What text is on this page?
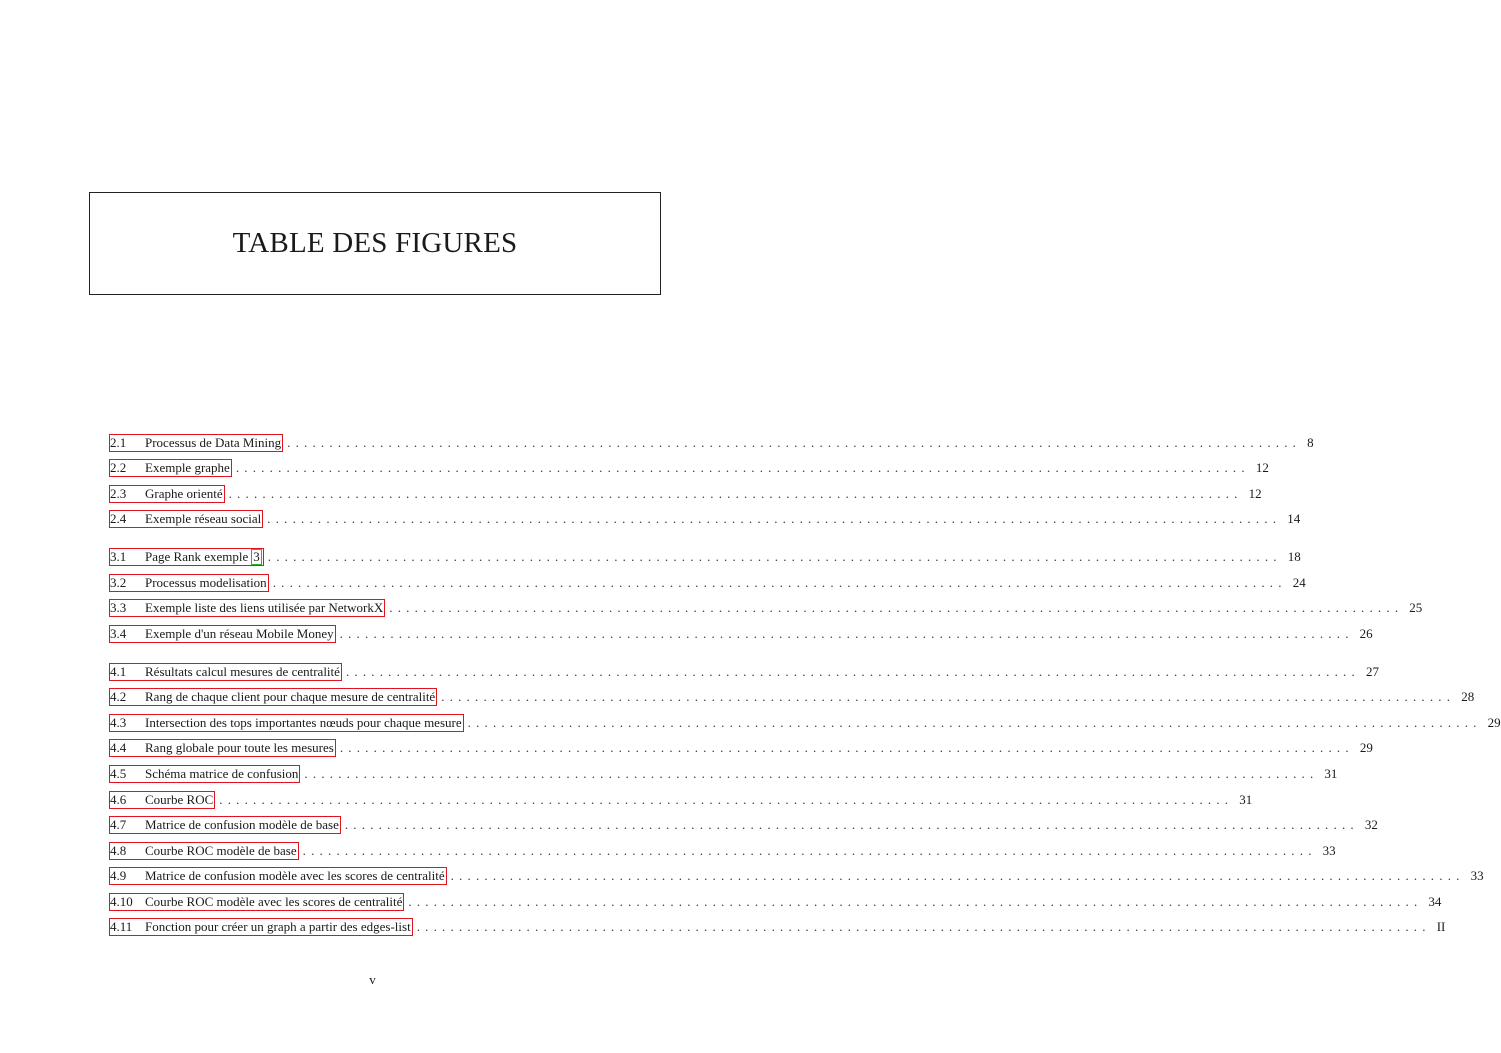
TABLE DES FIGURES
2.1	Processus de Data Mining ........................................................................................................................ 8
2.2	Exemple graphe ........................................................................................................................ 12
2.3	Graphe orienté ........................................................................................................................ 12
2.4	Exemple réseau social ........................................................................................................................ 14
3.1	Page Rank exemple 3 ........................................................................................................................ 18
3.2	Processus modelisation ........................................................................................................................ 24
3.3	Exemple liste des liens utilisée par NetworkX ........................................................................................................................ 25
3.4	Exemple d'un réseau Mobile Money ........................................................................................................................ 26
4.1	Résultats calcul mesures de centralité ........................................................................................................................ 27
4.2	Rang de chaque client pour chaque mesure de centralité ........................................................................................................................ 28
4.3	Intersection des tops importantes nœuds pour chaque mesure ........................................................................................................................ 29
4.4	Rang globale pour toute les mesures ........................................................................................................................ 29
4.5	Schéma matrice de confusion ........................................................................................................................ 31
4.6	Courbe ROC ........................................................................................................................ 31
4.7	Matrice de confusion modèle de base ........................................................................................................................ 32
4.8	Courbe ROC modèle de base ........................................................................................................................ 33
4.9	Matrice de confusion modèle avec les scores de centralité ........................................................................................................................ 33
4.10 Courbe ROC modèle avec les scores de centralité ........................................................................................................................ 34
4.11 Fonction pour créer un graph a partir des edges-list ........................................................................................................................ II
v
